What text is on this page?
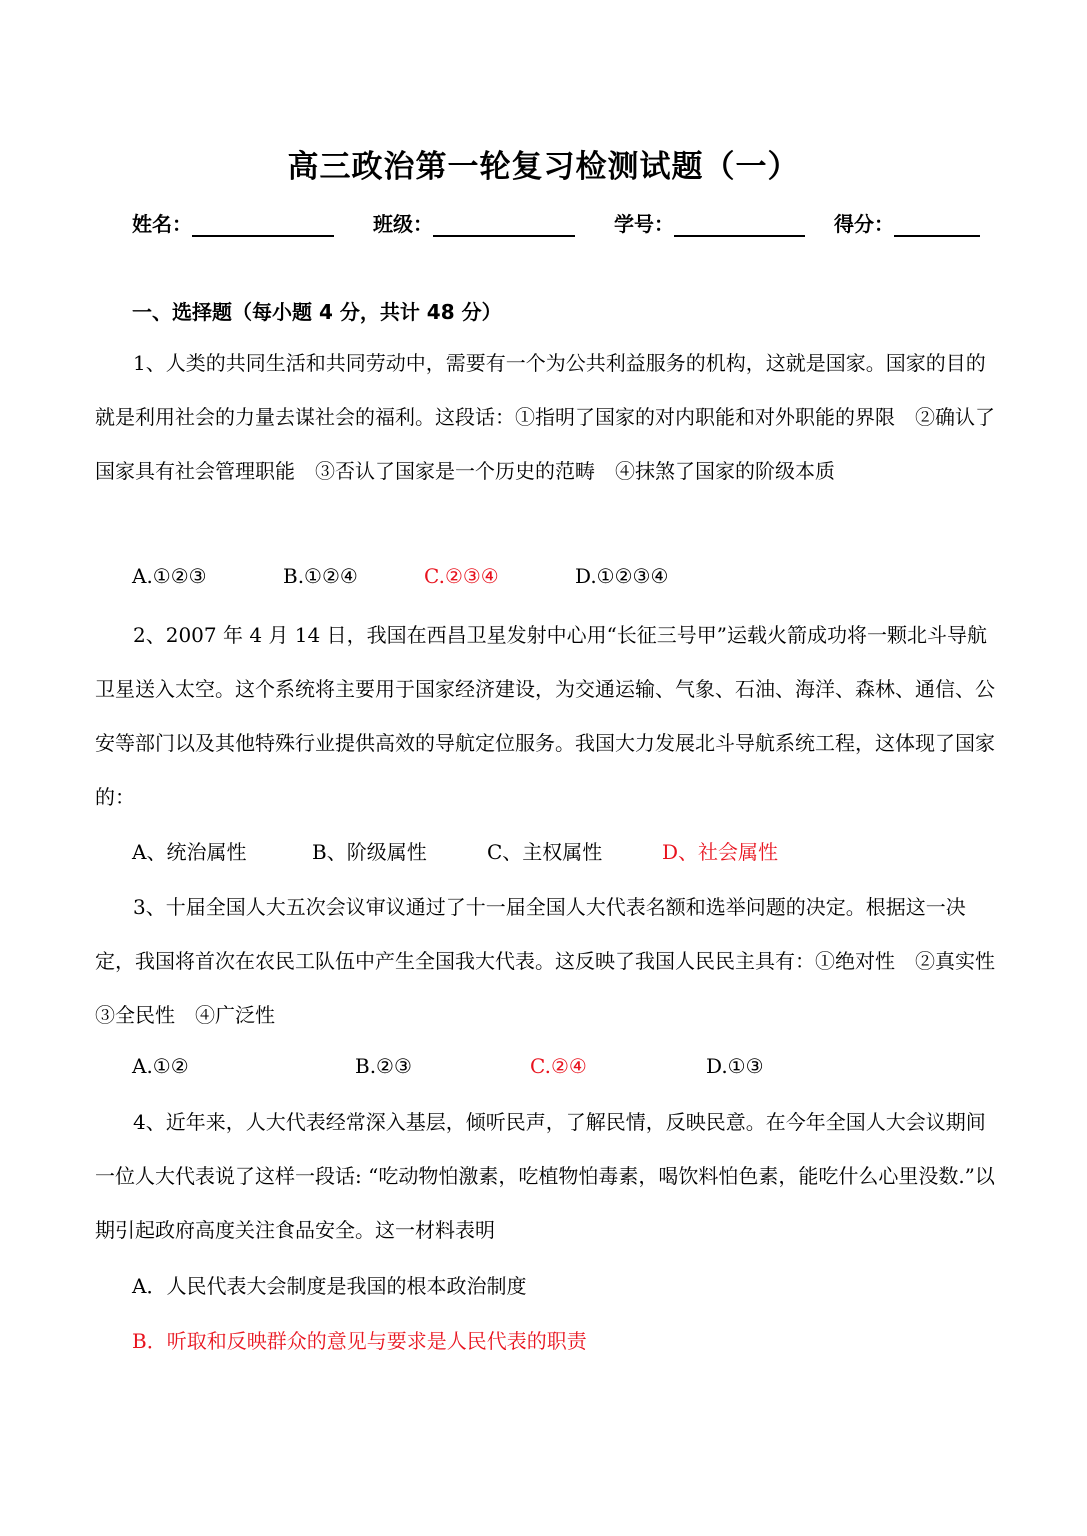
高三政治第一轮复习检测试题（一）
姓名：	班级：	学号：	得分：
一、选择题（每小题 4 分，共计 48 分）

1、人类的共同生活和共同劳动中，需要有一个为公共利益服务的机构，这就是国家。国家的目的就是利用社会的力量去谋社会的福利。这段话：①指明了国家的对内职能和对外职能的界限　②确认了国家具有社会管理职能　③否认了国家是一个历史的范畴　④抹煞了国家的阶级本质

A.①②③	B.①②④	C.②③④	D.①②③④

2、2007 年 4 月 14 日，我国在西昌卫星发射中心用“长征三号甲”运载火箭成功将一颗北斗导航卫星送入太空。这个系统将主要用于国家经济建设，为交通运输、气象、石油、海洋、森林、通信、公安等部门以及其他特殊行业提供高效的导航定位服务。我国大力发展北斗导航系统工程，这体现了国家的：

A、统治属性	B、阶级属性	C、主权属性	D、社会属性

3、十届全国人大五次会议审议通过了十一届全国人大代表名额和选举问题的决定。根据这一决定，我国将首次在农民工队伍中产生全国我大代表。这反映了我国人民民主具有：①绝对性　②真实性　③全民性　④广泛性

A.①②	B.②③	C.②④	D.①③

4、近年来，人大代表经常深入基层，倾听民声，了解民情，反映民意。在今年全国人大会议期间一位人大代表说了这样一段话: “吃动物怕激素，吃植物怕毒素，喝饮料怕色素，能吃什么心里没数.”以期引起政府高度关注食品安全。这一材料表明

A．人民代表大会制度是我国的根本政治制度
B．听取和反映群众的意见与要求是人民代表的职责
